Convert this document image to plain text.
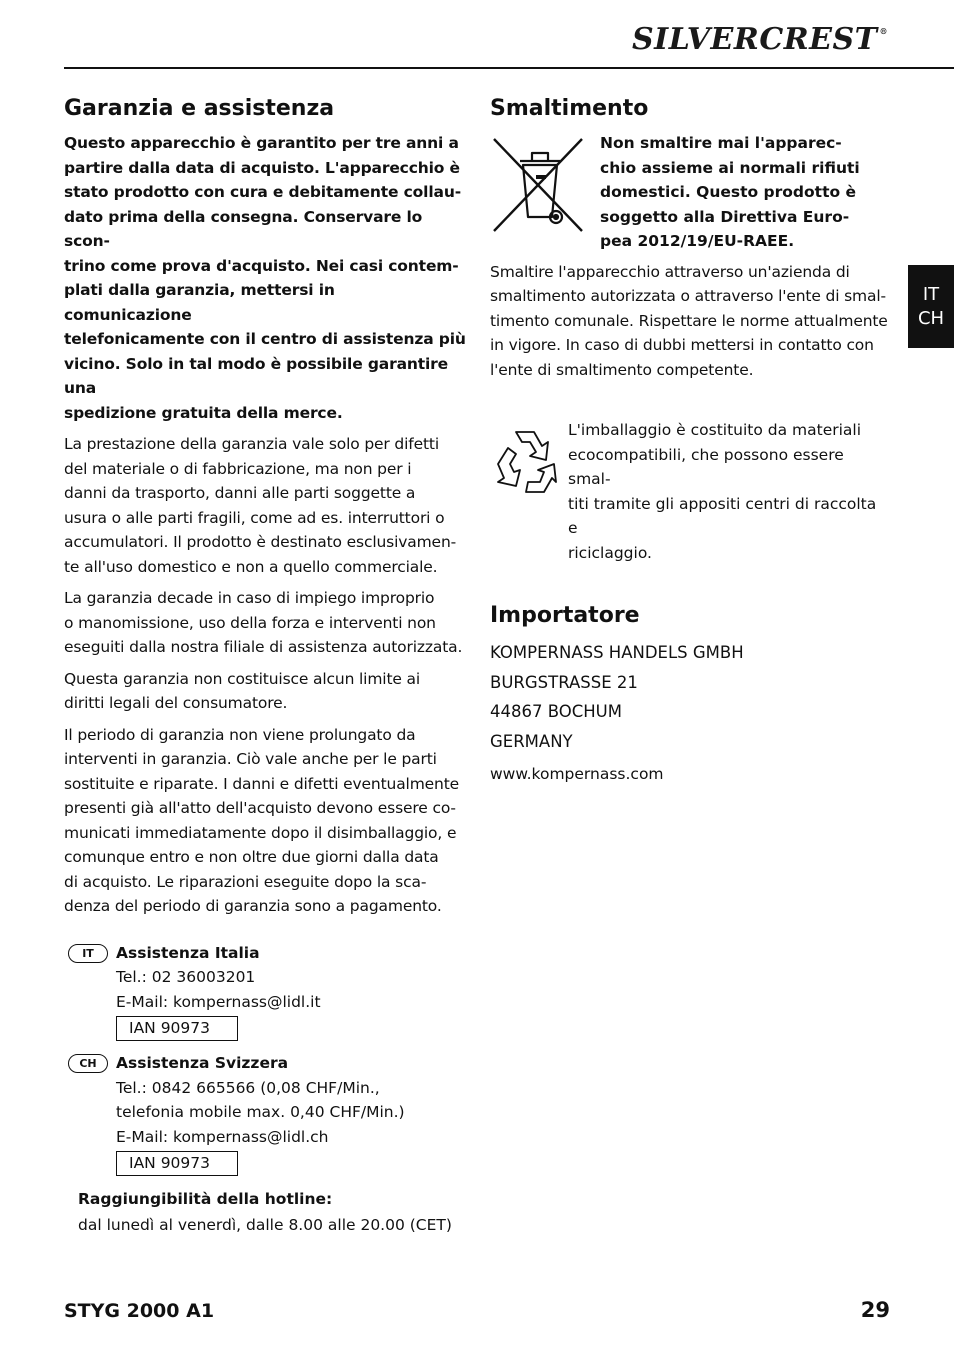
SILVERCREST ®
IT
CH
Garanzia e assistenza

Questo apparecchio è garantito per tre anni a
partire dalla data di acquisto. L'apparecchio è
stato prodotto con cura e debitamente collau-
dato prima della consegna. Conservare lo scon-
trino come prova d'acquisto. Nei casi contem-
plati dalla garanzia, mettersi in comunicazione
telefonicamente con il centro di assistenza più
vicino. Solo in tal modo è possibile garantire una
spedizione gratuita della merce.

La prestazione della garanzia vale solo per difetti
del materiale o di fabbricazione, ma non per i
danni da trasporto, danni alle parti soggette a
usura o alle parti fragili, come ad es. interruttori o
accumulatori. Il prodotto è destinato esclusivamen-
te all'uso domestico e non a quello commerciale.

La garanzia decade in caso di impiego improprio
o manomissione, uso della forza e interventi non
eseguiti dalla nostra filiale di assistenza autorizzata.

Questa garanzia non costituisce alcun limite ai
diritti legali del consumatore.

Il periodo di garanzia non viene prolungato da
interventi in garanzia. Ciò vale anche per le parti
sostituite e riparate. I danni e difetti eventualmente
presenti già all'atto dell'acquisto devono essere co-
municati immediatamente dopo il disimballaggio, e
comunque entro e non oltre due giorni dalla data
di acquisto. Le riparazioni eseguite dopo la sca-
denza del periodo di garanzia sono a pagamento.

IT	Assistenza Italia
Tel.: 02 36003201
E-Mail: kompernass@lidl.it
IAN 90973
CH	Assistenza Svizzera
Tel.: 0842 665566 (0,08 CHF/Min.,
telefonia mobile max. 0,40 CHF/Min.)
E-Mail: kompernass@lidl.ch
IAN 90973
Raggiungibilità della hotline:
dal lunedì al venerdì, dalle 8.00 alle 20.00 (CET)
Smaltimento

Non smaltire mai l'apparec-
chio assieme ai normali rifiuti
domestici. Questo prodotto è
soggetto alla Direttiva Euro-
pea 2012/19/EU-RAEE.

Smaltire l'apparecchio attraverso un'azienda di
smaltimento autorizzata o attraverso l'ente di smal-
timento comunale. Rispettare le norme attualmente
in vigore. In caso di dubbi mettersi in contatto con
l'ente di smaltimento competente.

L'imballaggio è costituito da materiali
ecocompatibili, che possono essere smal-
titi tramite gli appositi centri di raccolta e
riciclaggio.

Importatore

KOMPERNASS HANDELS GMBH

BURGSTRASSE 21

44867 BOCHUM

GERMANY

www.kompernass.com

STYG 2000 A1	29
